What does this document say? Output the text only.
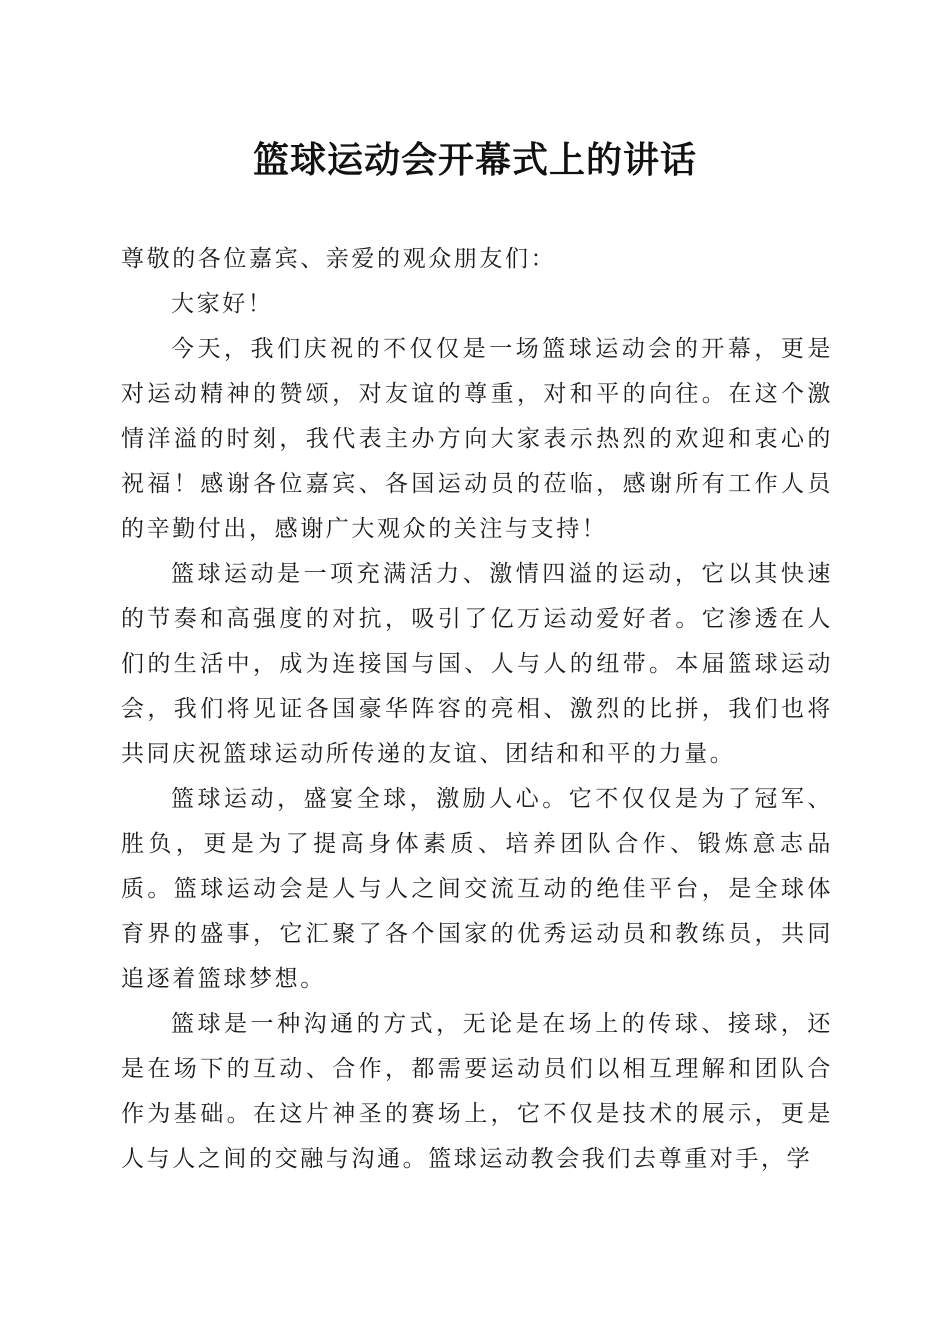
篮球运动会开幕式上的讲话

尊敬的各位嘉宾、亲爱的观众朋友们：

大家好！

今天，我们庆祝的不仅仅是一场篮球运动会的开幕，更是对运动精神的赞颂，对友谊的尊重，对和平的向往。在这个激情洋溢的时刻，我代表主办方向大家表示热烈的欢迎和衷心的祝福！感谢各位嘉宾、各国运动员的莅临，感谢所有工作人员的辛勤付出，感谢广大观众的关注与支持！

篮球运动是一项充满活力、激情四溢的运动，它以其快速的节奏和高强度的对抗，吸引了亿万运动爱好者。它渗透在人们的生活中，成为连接国与国、人与人的纽带。本届篮球运动会，我们将见证各国豪华阵容的亮相、激烈的比拼，我们也将共同庆祝篮球运动所传递的友谊、团结和和平的力量。

篮球运动，盛宴全球，激励人心。它不仅仅是为了冠军、胜负，更是为了提高身体素质、培养团队合作、锻炼意志品质。篮球运动会是人与人之间交流互动的绝佳平台，是全球体育界的盛事，它汇聚了各个国家的优秀运动员和教练员，共同追逐着篮球梦想。

篮球是一种沟通的方式，无论是在场上的传球、接球，还是在场下的互动、合作，都需要运动员们以相互理解和团队合作为基础。在这片神圣的赛场上，它不仅是技术的展示，更是人与人之间的交融与沟通。篮球运动教会我们去尊重对手，学
